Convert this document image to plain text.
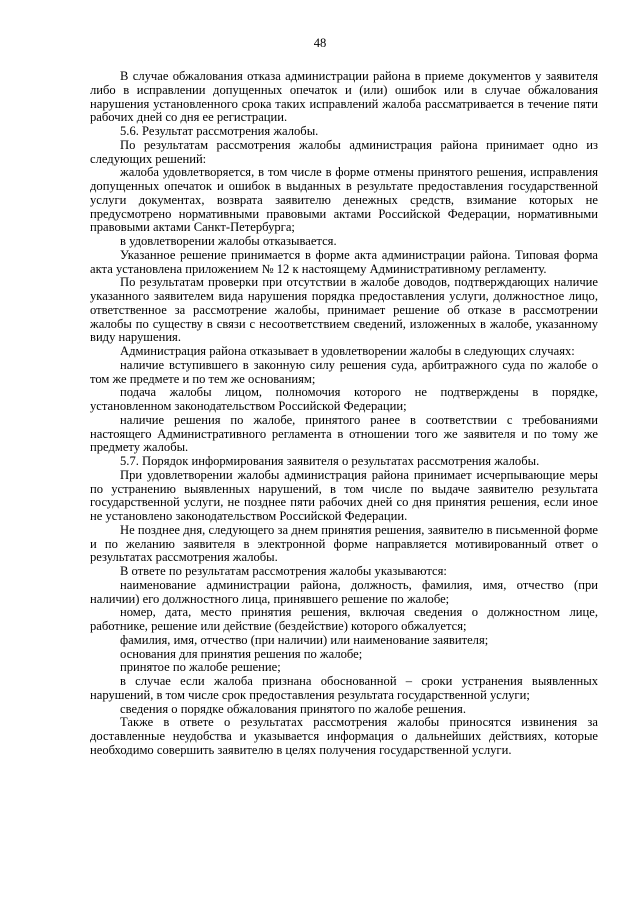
48

В случае обжалования отказа администрации района в приеме документов у заявителя либо в исправлении допущенных опечаток и (или) ошибок или в случае обжалования нарушения установленного срока таких исправлений жалоба рассматривается в течение пяти рабочих дней со дня ее регистрации.

5.6. Результат рассмотрения жалобы.

По результатам рассмотрения жалобы администрация района принимает одно из следующих решений:

жалоба удовлетворяется, в том числе в форме отмены принятого решения, исправления допущенных опечаток и ошибок в выданных в результате предоставления государственной услуги документах, возврата заявителю денежных средств, взимание которых не предусмотрено нормативными правовыми актами Российской Федерации, нормативными правовыми актами Санкт-Петербурга;

в удовлетворении жалобы отказывается.

Указанное решение принимается в форме акта администрации района. Типовая форма акта установлена приложением № 12 к настоящему Административному регламенту.

По результатам проверки при отсутствии в жалобе доводов, подтверждающих наличие указанного заявителем вида нарушения порядка предоставления услуги, должностное лицо, ответственное за рассмотрение жалобы, принимает решение об отказе в рассмотрении жалобы по существу в связи с несоответствием сведений, изложенных в жалобе, указанному виду нарушения.

Администрация района отказывает в удовлетворении жалобы в следующих случаях:

наличие вступившего в законную силу решения суда, арбитражного суда по жалобе о том же предмете и по тем же основаниям;

подача жалобы лицом, полномочия которого не подтверждены в порядке, установленном законодательством Российской Федерации;

наличие решения по жалобе, принятого ранее в соответствии с требованиями настоящего Административного регламента в отношении того же заявителя и по тому же предмету жалобы.

5.7. Порядок информирования заявителя о результатах рассмотрения жалобы.

При удовлетворении жалобы администрация района принимает исчерпывающие меры по устранению выявленных нарушений, в том числе по выдаче заявителю результата государственной услуги, не позднее пяти рабочих дней со дня принятия решения, если иное не установлено законодательством Российской Федерации.

Не позднее дня, следующего за днем принятия решения, заявителю в письменной форме и по желанию заявителя в электронной форме направляется мотивированный ответ о результатах рассмотрения жалобы.

В ответе по результатам рассмотрения жалобы указываются:

наименование администрации района, должность, фамилия, имя, отчество (при наличии) его должностного лица, принявшего решение по жалобе;

номер, дата, место принятия решения, включая сведения о должностном лице, работнике, решение или действие (бездействие) которого обжалуется;

фамилия, имя, отчество (при наличии) или наименование заявителя;

основания для принятия решения по жалобе;

принятое по жалобе решение;

в случае если жалоба признана обоснованной – сроки устранения выявленных нарушений, в том числе срок предоставления результата государственной услуги;

сведения о порядке обжалования принятого по жалобе решения.

Также в ответе о результатах рассмотрения жалобы приносятся извинения за доставленные неудобства и указывается информация о дальнейших действиях, которые необходимо совершить заявителю в целях получения государственной услуги.
